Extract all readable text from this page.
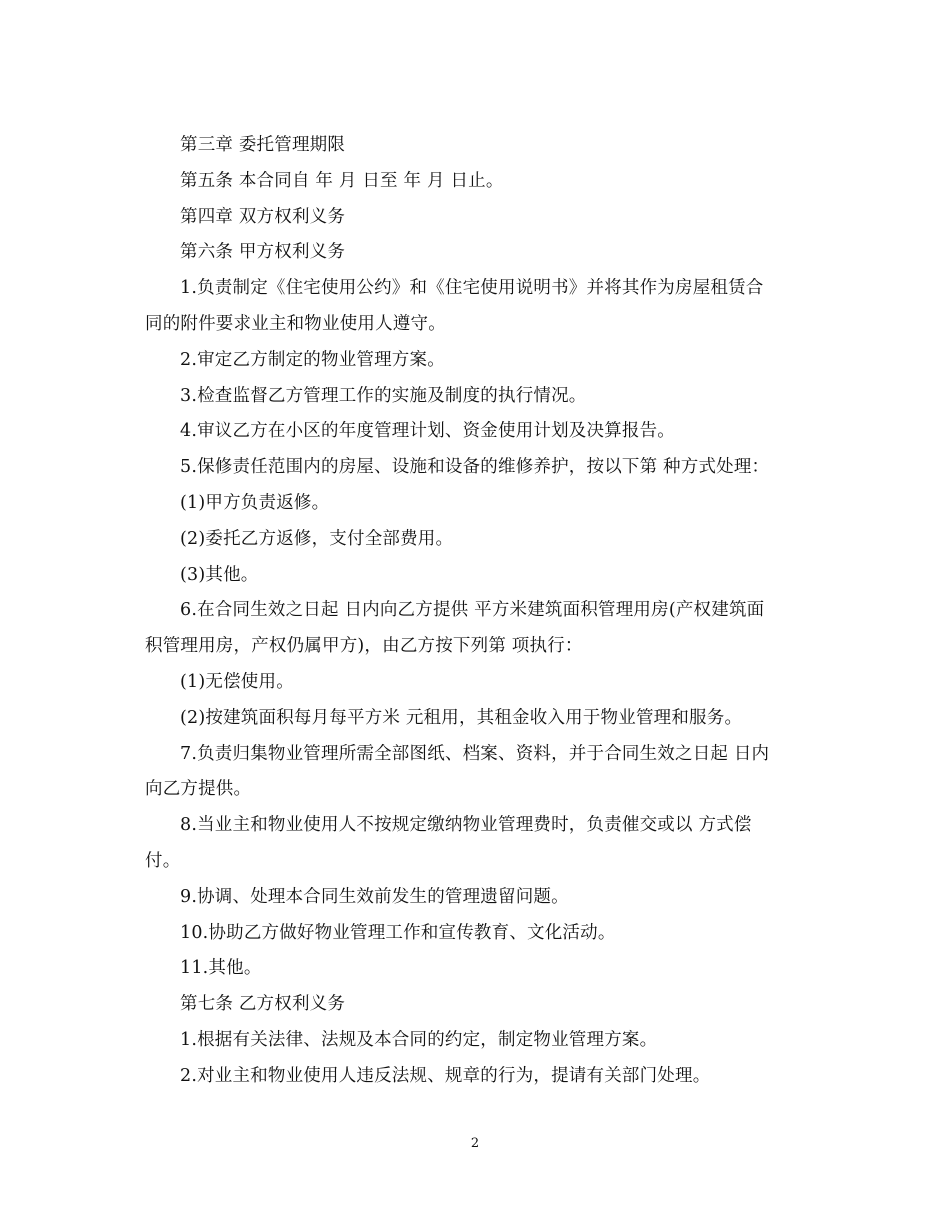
第三章 委托管理期限
第五条 本合同自 年 月 日至 年 月 日止。
第四章 双方权利义务
第六条 甲方权利义务
1.负责制定《住宅使用公约》和《住宅使用说明书》并将其作为房屋租赁合
同的附件要求业主和物业使用人遵守。
2.审定乙方制定的物业管理方案。
3.检查监督乙方管理工作的实施及制度的执行情况。
4.审议乙方在小区的年度管理计划、资金使用计划及决算报告。
5.保修责任范围内的房屋、设施和设备的维修养护，按以下第 种方式处理：
(1)甲方负责返修。
(2)委托乙方返修，支付全部费用。
(3)其他。
6.在合同生效之日起 日内向乙方提供 平方米建筑面积管理用房(产权建筑面
积管理用房，产权仍属甲方)，由乙方按下列第 项执行：
(1)无偿使用。
(2)按建筑面积每月每平方米 元租用，其租金收入用于物业管理和服务。
7.负责归集物业管理所需全部图纸、档案、资料，并于合同生效之日起 日内
向乙方提供。
8.当业主和物业使用人不按规定缴纳物业管理费时，负责催交或以 方式偿
付。
9.协调、处理本合同生效前发生的管理遗留问题。
10.协助乙方做好物业管理工作和宣传教育、文化活动。
11.其他。
第七条 乙方权利义务
1.根据有关法律、法规及本合同的约定，制定物业管理方案。
2.对业主和物业使用人违反法规、规章的行为，提请有关部门处理。
2
